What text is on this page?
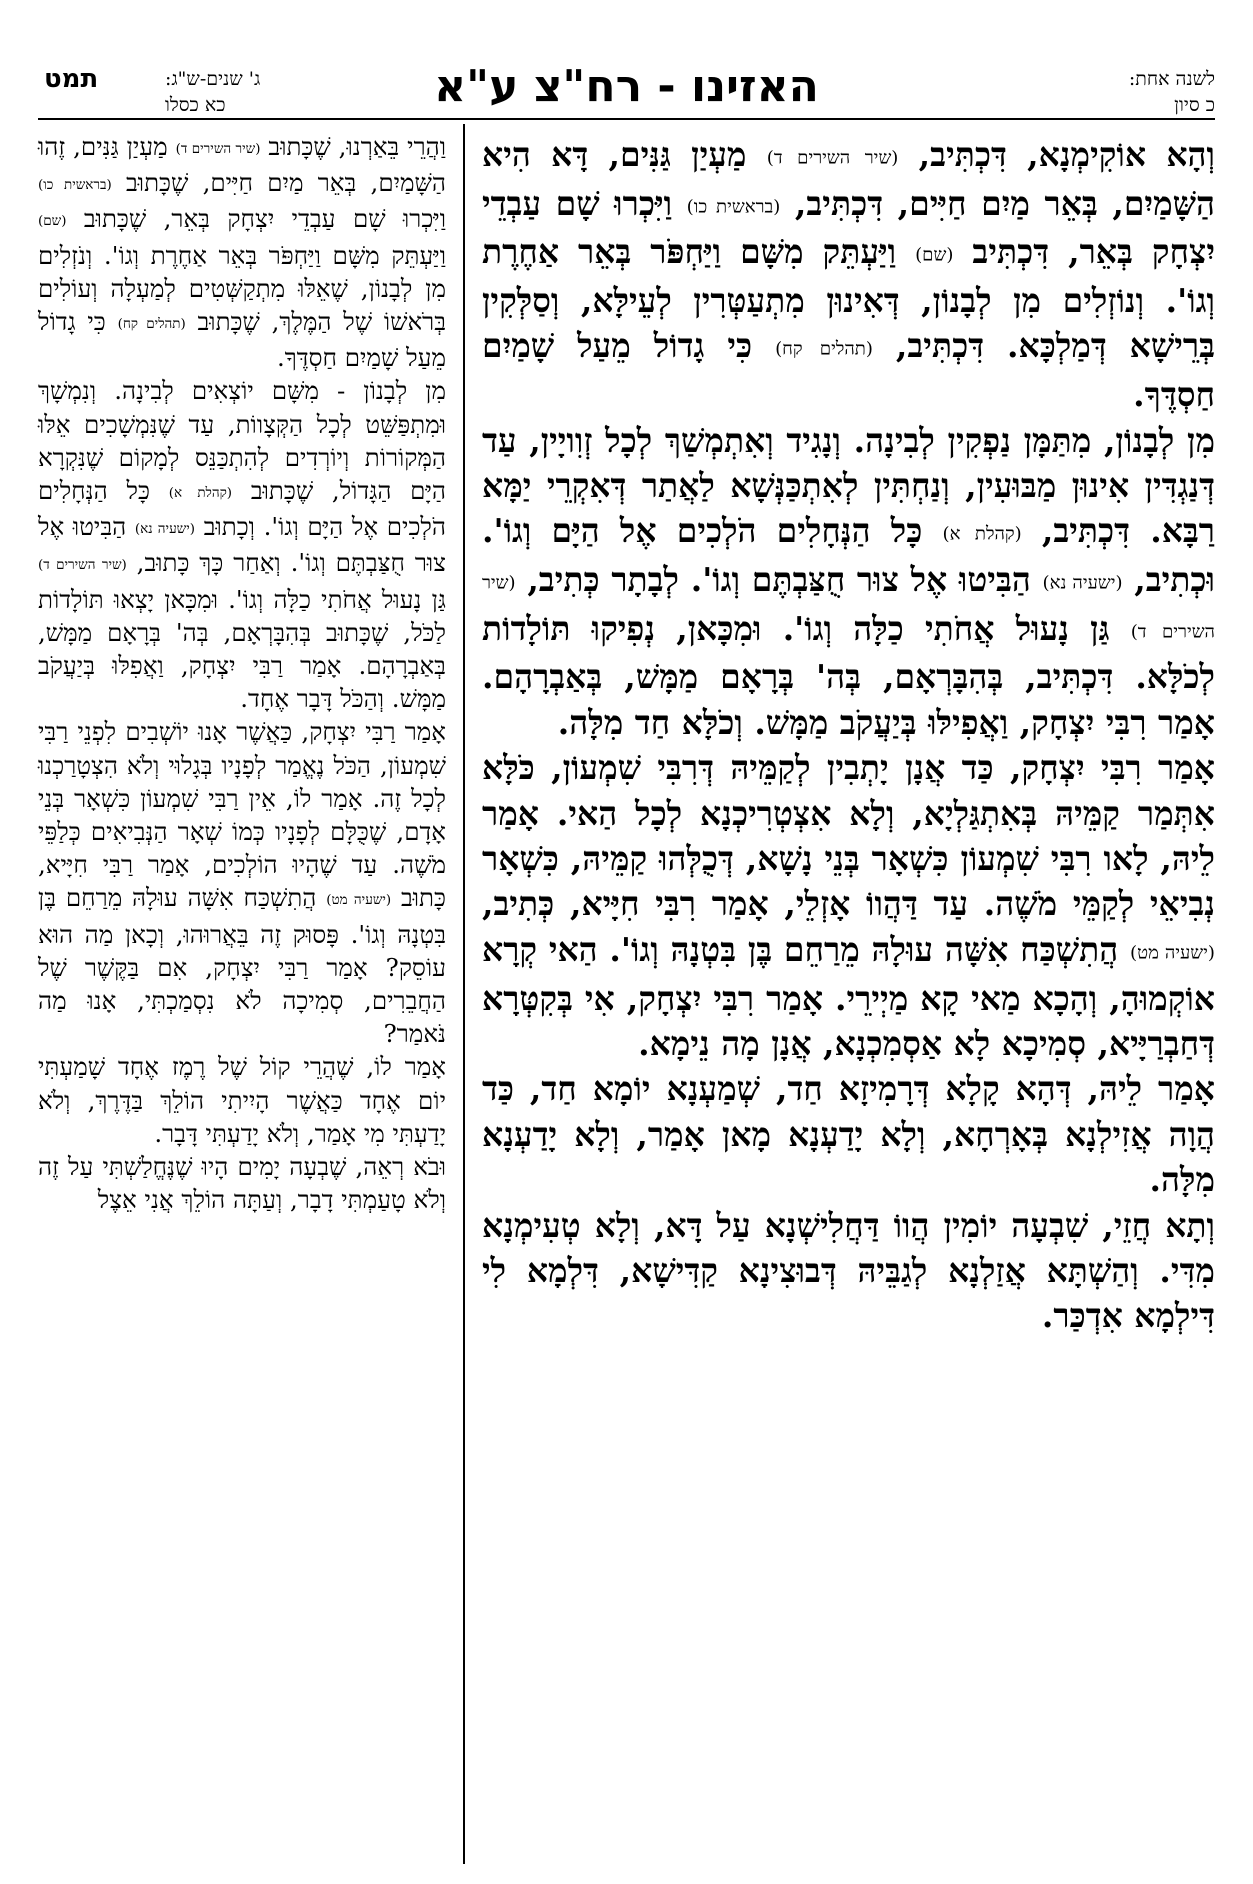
לשנה אחת:
כ סיון
האזינו - רח"צ ע"א
ג' שנים-ש"ג:
כא כסלו
תמט

וְהָא אוֹקִימְנָא, דִּכְתִּיב, (שיר השירים ד) מַעְיַן גַּנִּים, דָּא הִיא הַשָּׁמַיִם, בְּאֵר מַיִם חַיִּים, דִּכְתִּיב, (בראשית כו) וַיִּכְרוּ שָׁם עַבְדֵי יִצְחָק בְּאֵר, דִּכְתִּיב (שם) וַיַּעְתֵּק מִשָּׁם וַיַּחְפֹּר בְּאֵר אַחֶרֶת וְגוֹ'. וְנוֹזְלִים מִן לְבָנוֹן, דְּאִינוּן מִתְעַטְּרִין לְעֵילָּא, וְסַלְּקִין בְּרֵישָׁא דְּמַלְכָּא. דִּכְתִּיב, (תהלים קח) כִּי גָדוֹל מֵעַל שָׁמַיִם חַסְדֶּךָ.

מִן לְבָנוֹן, מִתַּמָּן נַפְקִין לְבִינָה. וְנָגִיד וְאִתְמְשַׁךְ לְכָל זְוִויָין, עַד דְּנַגְדִּין אִינוּן מַבּוּעִין, וְנַחְתִּין לְאִתְכַּנְּשָׁא לַאֲתַר דְּאִקְרֵי יַמָּא רַבָּא. דִּכְתִּיב, (קהלת א) כָּל הַנְּחָלִים הֹלְכִים אֶל הַיָּם וְגוֹ'. וּכְתִיב, (ישעיה נא) הַבִּיטוּ אֶל צוּר חֻצַּבְתֶּם וְגוֹ'. לְבָתָר כְּתִיב, (שיר השירים ד) גַּן נָעוּל אֲחֹתִי כַלָּה וְגוֹ'. וּמִכָּאן, נְפִיקוּ תּוֹלָדוֹת לְכֹלָּא. דִּכְתִּיב, בְּהִבָּרְאָם, בְּה' בְּרָאָם מַמָּשׁ, בְּאַבְרָהָם. אָמַר רִבִּי יִצְחָק, וַאֲפִילּוּ בְּיַעֲקֹב מַמָּשׁ. וְכֹלָּא חַד מִלָּה.

אָמַר רִבִּי יִצְחָק, כַּד אֲנָן יָתְבִין לְקַמֵּיהּ דְּרִבִּי שִׁמְעוֹן, כֹּלָּא אִתְּמַר קַמֵּיהּ בְּאִתְגַּלְיָא, וְלָא אִצְטְרִיכְנָא לְכָל הַאי. אָמַר לֵיהּ, לָאו רִבִּי שִׁמְעוֹן כִּשְׁאָר בְּנֵי נָשָׁא, דְּכֻלְּהוּ קַמֵּיהּ, כִּשְׁאָר נְבִיאֵי לְקַמֵּי מֹשֶׁה. עַד דַּהֲווֹ אָזְלֵי, אָמַר רִבִּי חִיָּיא, כְּתִיב, (ישעיה מט) הֲתִשְׁכַּח אִשָּׁה עוּלָהּ מֵרַחֵם בֶּן בִּטְנָהּ וְגוֹ'. הַאי קְרָא אוֹקְמוּהָ, וְהָכָא מַאי קָא מַיְירֵי. אָמַר רִבִּי יִצְחָק, אִי בְּקִטְּרָא דְּחַבְרַיָּיא, סְמִיכָא לָא אַסְמִכְנָא, אֲנָן מָה נֵימָא.

אָמַר לֵיהּ, דְּהָא קָלָא דְּרָמִיזָא חַד, שְׁמַעְנָא יוֹמָא חַד, כַּד הֲוָה אֲזִילְנָא בְּאָרְחָא, וְלָא יָדַעְנָא מָאן אָמַר, וְלָא יָדַעְנָא מִלָּה.

וְתָא חֲזֵי, שִׁבְעָה יוֹמִין הֲווֹ דַּחֲלִישְׁנָא עַל דָּא, וְלָא טְעִימְנָא מִדִּי. וְהַשְׁתָּא אֲזַלְנָא לְגַבֵּיהּ דְּבוּצִינָא קַדִּישָׁא, דִּלְמָא לִי דִּילְמָא אִדְכַּר.

וַהֲרֵי בֵּאַרְנוּ, שֶׁכָּתוּב (שיר השירים ד) מַעְיַן גַּנִּים, זֶהוּ הַשָּׁמַיִם, בְּאֵר מַיִם חַיִּים, שֶׁכָּתוּב (בראשית כו) וַיִּכְרוּ שָׁם עַבְדֵי יִצְחָק בְּאֵר, שֶׁכָּתוּב (שם) וַיַּעְתֵּק מִשָּׁם וַיַּחְפֹּר בְּאֵר אַחֶרֶת וְגוֹ'. וְנֹזְלִים מִן לְבָנוֹן, שֶׁאֵלּוּ מִתְקַשְּׁטִים לְמַעְלָה וְעוֹלִים בְּרֹאשׁוֹ שֶׁל הַמֶּלֶךְ, שֶׁכָּתוּב (תהלים קח) כִּי גָדוֹל מֵעַל שָׁמַיִם חַסְדֶּךָ.

מִן לְבָנוֹן - מִשָּׁם יוֹצְאִים לְבִינָה. וְנִמְשָׁךְ וּמִתְפַּשֵּׁט לְכָל הַקְּצָווֹת, עַד שֶׁנִּמְשָׁכִים אֵלּוּ הַמְּקוֹרוֹת וְיוֹרְדִים לְהִתְכַּנֵּס לְמָקוֹם שֶׁנִּקְרָא הַיָּם הַגָּדוֹל, שֶׁכָּתוּב (קהלת א) כָּל הַנְּחָלִים הֹלְכִים אֶל הַיָּם וְגוֹ'. וְכָתוּב (ישעיה נא) הַבִּיטוּ אֶל צוּר חֻצַּבְתֶּם וְגוֹ'. וְאַחַר כָּךְ כָּתוּב, (שיר השירים ד) גַּן נָעוּל אֲחֹתִי כַלָּה וְגוֹ'. וּמִכָּאן יָצְאוּ תּוֹלָדוֹת לַכֹּל, שֶׁכָּתוּב בְּהִבָּרְאָם, בְּה' בְּרָאָם מַמָּשׁ, בְּאַבְרָהָם. אָמַר רַבִּי יִצְחָק, וַאֲפִלּוּ בְּיַעֲקֹב מַמָּשׁ. וְהַכֹּל דָּבָר אֶחָד.

אָמַר רַבִּי יִצְחָק, כַּאֲשֶׁר אָנוּ יוֹשְׁבִים לִפְנֵי רַבִּי שִׁמְעוֹן, הַכֹּל נֶאֱמַר לְפָנָיו בְּגָלוּי וְלֹא הִצְטָרַכְנוּ לְכָל זֶה. אָמַר לוֹ, אֵין רַבִּי שִׁמְעוֹן כִּשְׁאָר בְּנֵי אָדָם, שֶׁכֻּלָּם לְפָנָיו כְּמוֹ שְׁאָר הַנְּבִיאִים כְּלַפֵּי מֹשֶׁה. עַד שֶׁהָיוּ הוֹלְכִים, אָמַר רַבִּי חִיָּיא, כָּתוּב (ישעיה מט) הֲתִשְׁכַּח אִשָּׁה עוּלָהּ מֵרַחֵם בֶּן בִּטְנָהּ וְגוֹ'. פָּסוּק זֶה בֵּאֲרוּהוּ, וְכָאן מַה הוּא עוֹסֵק? אָמַר רַבִּי יִצְחָק, אִם בַּקֶּשֶׁר שֶׁל הַחֲבֵרִים, סְמִיכָה לֹא נִסְמַכְתִּי, אָנוּ מַה נֹּאמַר?

אָמַר לוֹ, שֶׁהֲרֵי קוֹל שֶׁל רֶמֶז אֶחָד שָׁמַעְתִּי יוֹם אֶחָד כַּאֲשֶׁר הָיִיתִי הוֹלֵךְ בַּדֶּרֶךְ, וְלֹא יָדַעְתִּי מִי אָמַר, וְלֹא יָדַעְתִּי דָּבָר.

וּבֹא רְאֵה, שֶׁבְעָה יָמִים הָיוּ שֶׁנֶּחֱלַשְׁתִּי עַל זֶה וְלֹא טָעַמְתִּי דָבָר, וְעַתָּה הוֹלֵךְ אֲנִי אֵצֶל
